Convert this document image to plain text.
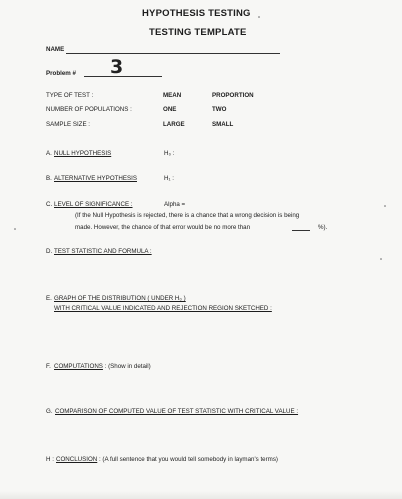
HYPOTHESIS TESTING
TESTING TEMPLATE
NAME
Problem # 3
TYPE OF TEST :	MEAN	PROPORTION
NUMBER OF POPULATIONS :	ONE	TWO
SAMPLE SIZE :	LARGE	SMALL
A. NULL HYPOTHESIS	H₀ :
B. ALTERNATIVE HYPOTHESIS	H₁ :
C. LEVEL OF SIGNIFICANCE :	Alpha =
(If the Null Hypothesis is rejected, there is a chance that a wrong decision is being
made. However, the chance of that error would be no more than	%).
D. TEST STATISTIC AND FORMULA :
E. GRAPH OF THE DISTRIBUTION ( UNDER H₀ )
WITH CRITICAL VALUE INDICATED AND REJECTION REGION SKETCHED :
F. COMPUTATIONS : (Show in detail)
G. COMPARISON OF COMPUTED VALUE OF TEST STATISTIC WITH CRITICAL VALUE :
H : CONCLUSION : (A full sentence that you would tell somebody in layman's terms)
